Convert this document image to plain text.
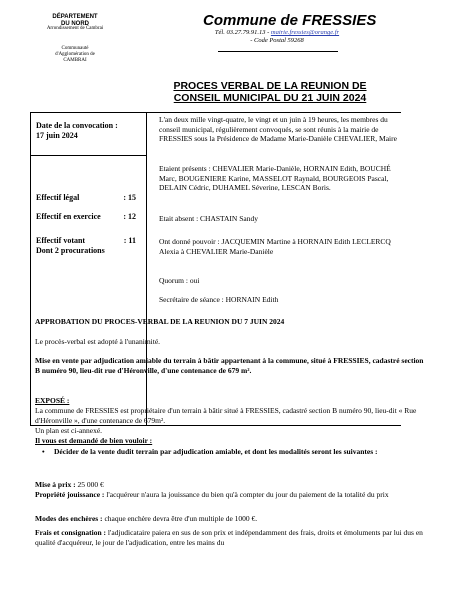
DÉPARTEMENT
DU NORD
Arrondissement de Cambrai
Communauté
d'Agglomération de
CAMBRAI
Commune de FRESSIES
Tél. 03.27.79.91.13 - mairie.fressies@orange.fr
- Code Postal 59268
PROCES VERBAL DE LA REUNION DE
CONSEIL MUNICIPAL DU 21 JUIN 2024
Date de la convocation :
17 juin 2024
Effectif légal	: 15
Effectif en exercice	: 12
Effectif votant	: 11
Dont 2 procurations
L'an deux mille vingt-quatre, le vingt et un juin à 19 heures, les membres du conseil municipal, régulièrement convoqués, se sont réunis à la mairie de FRESSIES sous la Présidence de Madame Marie-Danièle CHEVALIER, Maire
Etaient présents : CHEVALIER Marie-Danièle, HORNAIN Edith, BOUCHÉ Marc, BOUGENIERE Karine, MASSELOT Raynald, BOURGEOIS Pascal, DELAIN Cédric, DUHAMEL Séverine, LESCAN Boris.
Etait absent : CHASTAIN Sandy
Ont donné pouvoir : JACQUEMIN Martine à HORNAIN Edith LECLERCQ Alexia à CHEVALIER Marie-Danièle
Quorum : oui
Secrétaire de séance : HORNAIN Edith
APPROBATION DU PROCES-VERBAL DE LA REUNION DU 7 JUIN 2024
Le procès-verbal est adopté à l'unanimité.
Mise en vente par adjudication amiable du terrain à bâtir appartenant à la commune, situé à FRESSIES, cadastré section B numéro 90, lieu-dit rue d'Héronville, d'une contenance de 679 m².
EXPOSÉ :
La commune de FRESSIES est propriétaire d'un terrain à bâtir situé à FRESSIES, cadastré section B numéro 90, lieu-dit « Rue d'Héronville », d'une contenance de 679m².
Un plan est ci-annexé.
Il vous est demandé de bien vouloir :
• Décider de la vente dudit terrain par adjudication amiable, et dont les modalités seront les suivantes :
Mise à prix : 25 000 €
Propriété jouissance : l'acquéreur n'aura la jouissance du bien qu'à compter du jour du paiement de la totalité du prix
Modes des enchères : chaque enchère devra être d'un multiple de 1000 €.
Frais et consignation : l'adjudicataire paiera en sus de son prix et indépendamment des frais, droits et émoluments par lui dus en qualité d'acquéreur, le jour de l'adjudication, entre les mains du
